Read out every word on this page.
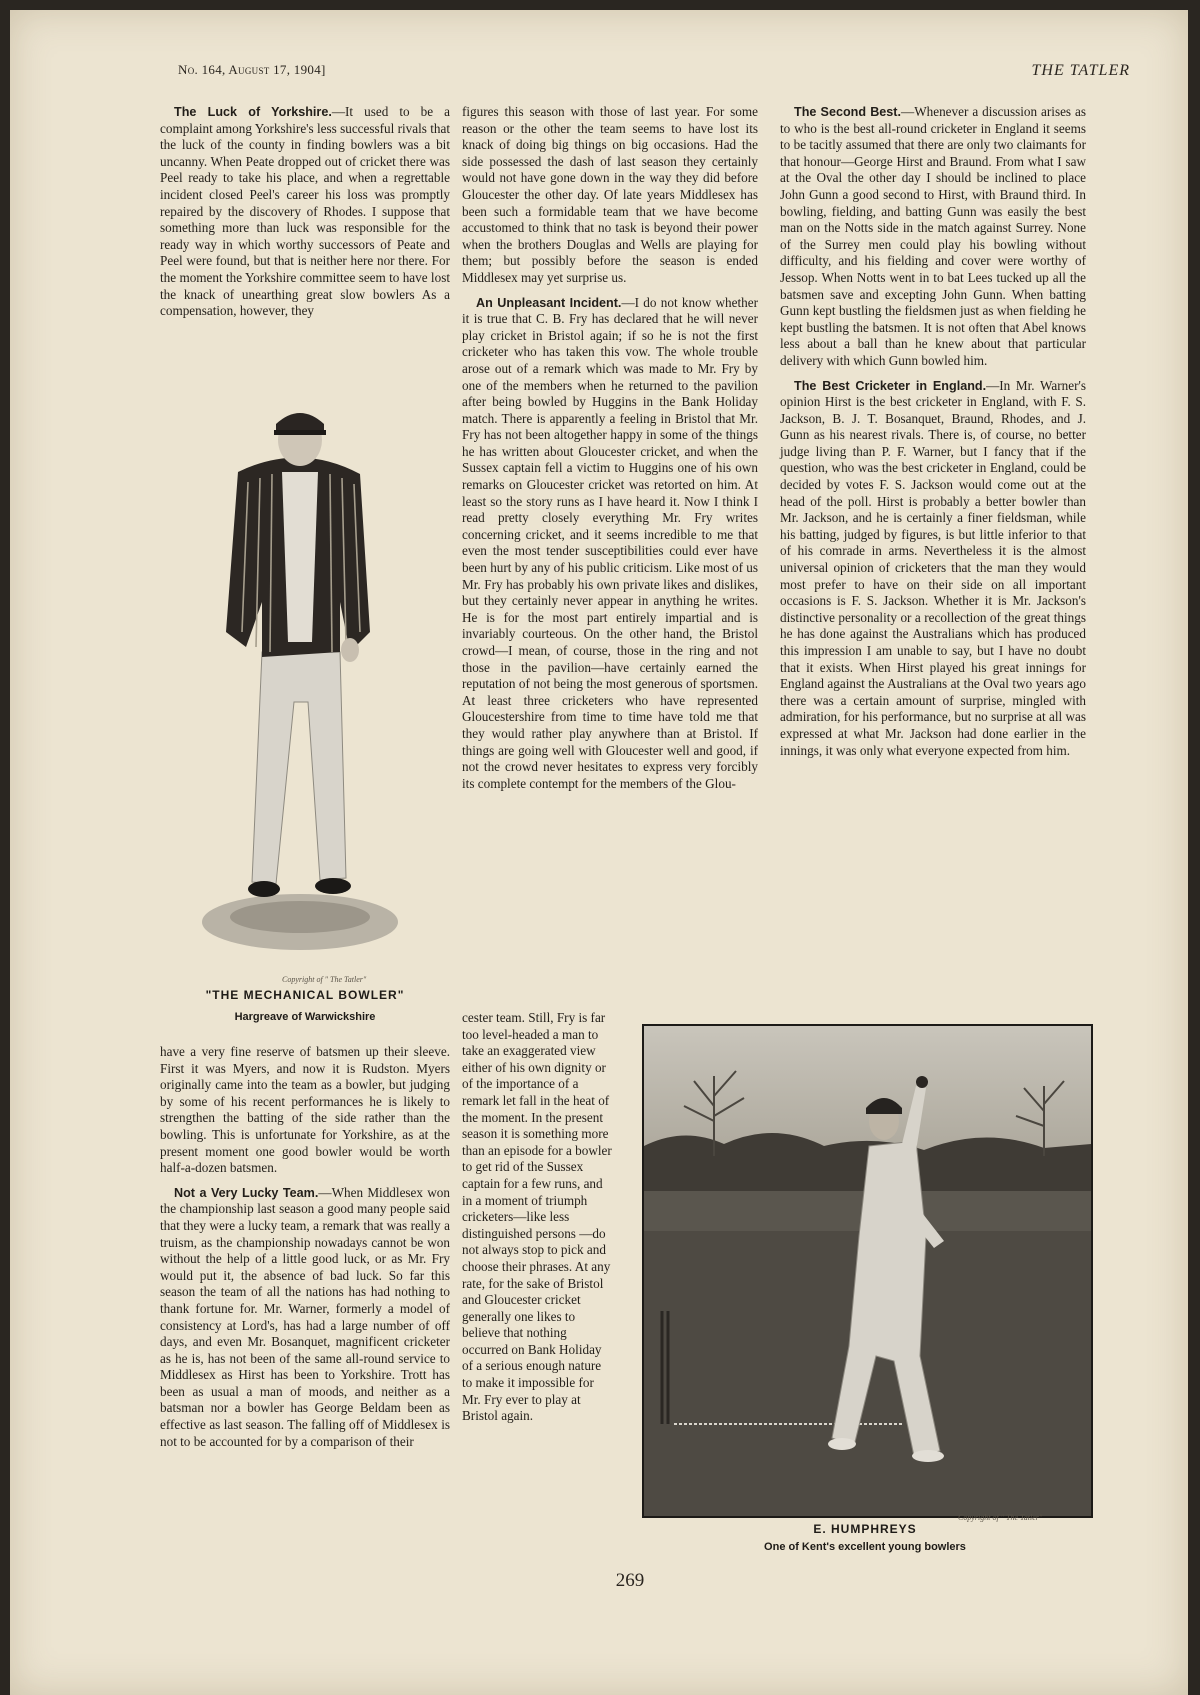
No. 164, August 17, 1904]	THE TATLER

The Luck of Yorkshire.—It used to be a complaint among Yorkshire's less successful rivals that the luck of the county in finding bowlers was a bit uncanny. When Peate dropped out of cricket there was Peel ready to take his place, and when a regrettable incident closed Peel's career his loss was promptly repaired by the discovery of Rhodes. I suppose that something more than luck was responsible for the ready way in which worthy successors of Peate and Peel were found, but that is neither here nor there. For the moment the Yorkshire committee seem to have lost the knack of unearthing great slow bowlers As a compensation, however, they

Copyright of " The Tatler"
"THE MECHANICAL BOWLER"
Hargreave of Warwickshire

have a very fine reserve of batsmen up their sleeve. First it was Myers, and now it is Rudston. Myers originally came into the team as a bowler, but judging by some of his recent performances he is likely to strengthen the batting of the side rather than the bowling. This is unfortunate for Yorkshire, as at the present moment one good bowler would be worth half-a-dozen batsmen.

Not a Very Lucky Team.—When Middlesex won the championship last season a good many people said that they were a lucky team, a remark that was really a truism, as the championship nowadays cannot be won without the help of a little good luck, or as Mr. Fry would put it, the absence of bad luck. So far this season the team of all the nations has had nothing to thank fortune for. Mr. Warner, formerly a model of consistency at Lord's, has had a large number of off days, and even Mr. Bosanquet, magnificent cricketer as he is, has not been of the same all-round service to Middlesex as Hirst has been to Yorkshire. Trott has been as usual a man of moods, and neither as a batsman nor a bowler has George Beldam been as effective as last season. The falling off of Middlesex is not to be accounted for by a comparison of their

figures this season with those of last year. For some reason or the other the team seems to have lost its knack of doing big things on big occasions. Had the side possessed the dash of last season they certainly would not have gone down in the way they did before Gloucester the other day. Of late years Middlesex has been such a formidable team that we have become accustomed to think that no task is beyond their power when the brothers Douglas and Wells are playing for them; but possibly before the season is ended Middlesex may yet surprise us.

An Unpleasant Incident.—I do not know whether it is true that C. B. Fry has declared that he will never play cricket in Bristol again; if so he is not the first cricketer who has taken this vow. The whole trouble arose out of a remark which was made to Mr. Fry by one of the members when he returned to the pavilion after being bowled by Huggins in the Bank Holiday match. There is apparently a feeling in Bristol that Mr. Fry has not been altogether happy in some of the things he has written about Gloucester cricket, and when the Sussex captain fell a victim to Huggins one of his own remarks on Gloucester cricket was retorted on him. At least so the story runs as I have heard it. Now I think I read pretty closely everything Mr. Fry writes concerning cricket, and it seems incredible to me that even the most tender susceptibilities could ever have been hurt by any of his public criticism. Like most of us Mr. Fry has probably his own private likes and dislikes, but they certainly never appear in anything he writes. He is for the most part entirely impartial and is invariably courteous. On the other hand, the Bristol crowd—I mean, of course, those in the ring and not those in the pavilion—have certainly earned the reputation of not being the most generous of sportsmen. At least three cricketers who have represented Gloucestershire from time to time have told me that they would rather play anywhere than at Bristol. If things are going well with Gloucester well and good, if not the crowd never hesitates to express very forcibly its complete contempt for the members of the Glou-

cester team. Still, Fry is far too level-headed a man to take an exaggerated view either of his own dignity or of the importance of a remark let fall in the heat of the moment. In the present season it is something more than an episode for a bowler to get rid of the Sussex captain for a few runs, and in a moment of triumph cricketers—like less distinguished persons —do not always stop to pick and choose their phrases. At any rate, for the sake of Bristol and Gloucester cricket generally one likes to believe that nothing occurred on Bank Holiday of a serious enough nature to make it impossible for Mr. Fry ever to play at Bristol again.

The Second Best.—Whenever a discussion arises as to who is the best all-round cricketer in England it seems to be tacitly assumed that there are only two claimants for that honour—George Hirst and Braund. From what I saw at the Oval the other day I should be inclined to place John Gunn a good second to Hirst, with Braund third. In bowling, fielding, and batting Gunn was easily the best man on the Notts side in the match against Surrey. None of the Surrey men could play his bowling without difficulty, and his fielding and cover were worthy of Jessop. When Notts went in to bat Lees tucked up all the batsmen save and excepting John Gunn. When batting Gunn kept bustling the fieldsmen just as when fielding he kept bustling the batsmen. It is not often that Abel knows less about a ball than he knew about that particular delivery with which Gunn bowled him.

The Best Cricketer in England.—In Mr. Warner's opinion Hirst is the best cricketer in England, with F. S. Jackson, B. J. T. Bosanquet, Braund, Rhodes, and J. Gunn as his nearest rivals. There is, of course, no better judge living than P. F. Warner, but I fancy that if the question, who was the best cricketer in England, could be decided by votes F. S. Jackson would come out at the head of the poll. Hirst is probably a better bowler than Mr. Jackson, and he is certainly a finer fieldsman, while his batting, judged by figures, is but little inferior to that of his comrade in arms. Nevertheless it is the almost universal opinion of cricketers that the man they would most prefer to have on their side on all important occasions is F. S. Jackson. Whether it is Mr. Jackson's distinctive personality or a recollection of the great things he has done against the Australians which has produced this impression I am unable to say, but I have no doubt that it exists. When Hirst played his great innings for England against the Australians at the Oval two years ago there was a certain amount of surprise, mingled with admiration, for his performance, but no surprise at all was expressed at what Mr. Jackson had done earlier in the innings, it was only what everyone expected from him.

Copyright of " The Tatler"
E. HUMPHREYS
One of Kent's excellent young bowlers
269
